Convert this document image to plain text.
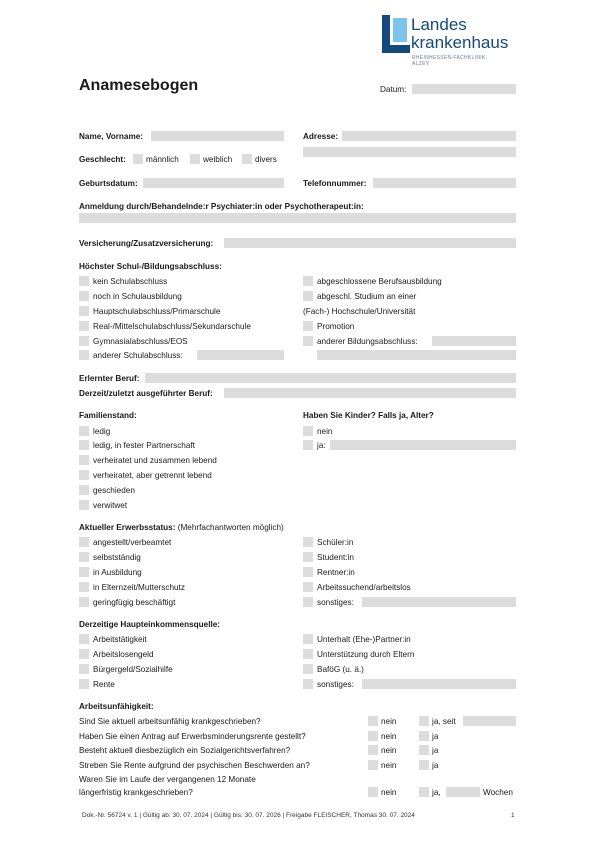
Landes
krankenhaus
RHEINHESSEN-FACHKLINIK
ALZEY
Anamesebogen	Datum:
Name, Vorname:	Adresse:
Geschlecht: männlich	weiblich	divers
Geburtsdatum:	Telefonnummer:
Anmeldung durch/Behandelnde:r Psychiater:in oder Psychotherapeut:in:
Versicherung/Zusatzversicherung:
Höchster Schul-/Bildungsabschluss:
kein Schulabschluss
noch in Schulausbildung
Hauptschulabschluss/Primarschule
Real-/Mittelschulabschluss/Sekundarschule
Gymnasialabschluss/EOS
anderer Schulabschluss:
abgeschlossene Berufsausbildung
abgeschl. Studium an einer
(Fach-) Hochschule/Universität
Promotion
anderer Bildungsabschluss:
Erlernter Beruf:
Derzeit/zuletzt ausgeführter Beruf:
Familienstand:
ledig
ledig, in fester Partnerschaft
verheiratet und zusammen lebend
verheiratet, aber getrennt lebend
geschieden
verwitwet
Haben Sie Kinder? Falls ja, Alter?
nein
ja:
Aktueller Erwerbsstatus: (Mehrfachantworten möglich)
angestellt/verbeamtet
selbstständig
in Ausbildung
in Elternzeit/Mutterschutz
geringfügig beschäftigt
Schüler:in
Student:in
Rentner:in
Arbeitssuchend/arbeitslos
sonstiges:
Derzeitige Haupteinkommensquelle:
Arbeitstätigkeit
Arbeitslosengeld
Bürgergeld/Sozialhilfe
Rente
Unterhalt (Ehe-)Partner:in
Unterstützung durch Eltern
BaföG (u. ä.)
sonstiges:
Arbeitsunfähigkeit:
Sind Sie aktuell arbeitsunfähig krankgeschrieben?	nein	ja, seit
Haben Sie einen Antrag auf Erwerbsminderungsrente gestellt?	nein	ja
Besteht aktuell diesbezüglich ein Sozialgerichtsverfahren?	nein	ja
Streben Sie Rente aufgrund der psychischen Beschwerden an?	nein	ja
Waren Sie im Laufe der vergangenen 12 Monate
längerfristig krankgeschrieben?	nein	ja,	Wochen
Dok.-Nr. 56724 v. 1 | Gültig ab: 30. 07. 2024 | Gültig bis: 30. 07. 2026 | Freigabe FLEISCHER, Thomas 30. 07. 2024	1
